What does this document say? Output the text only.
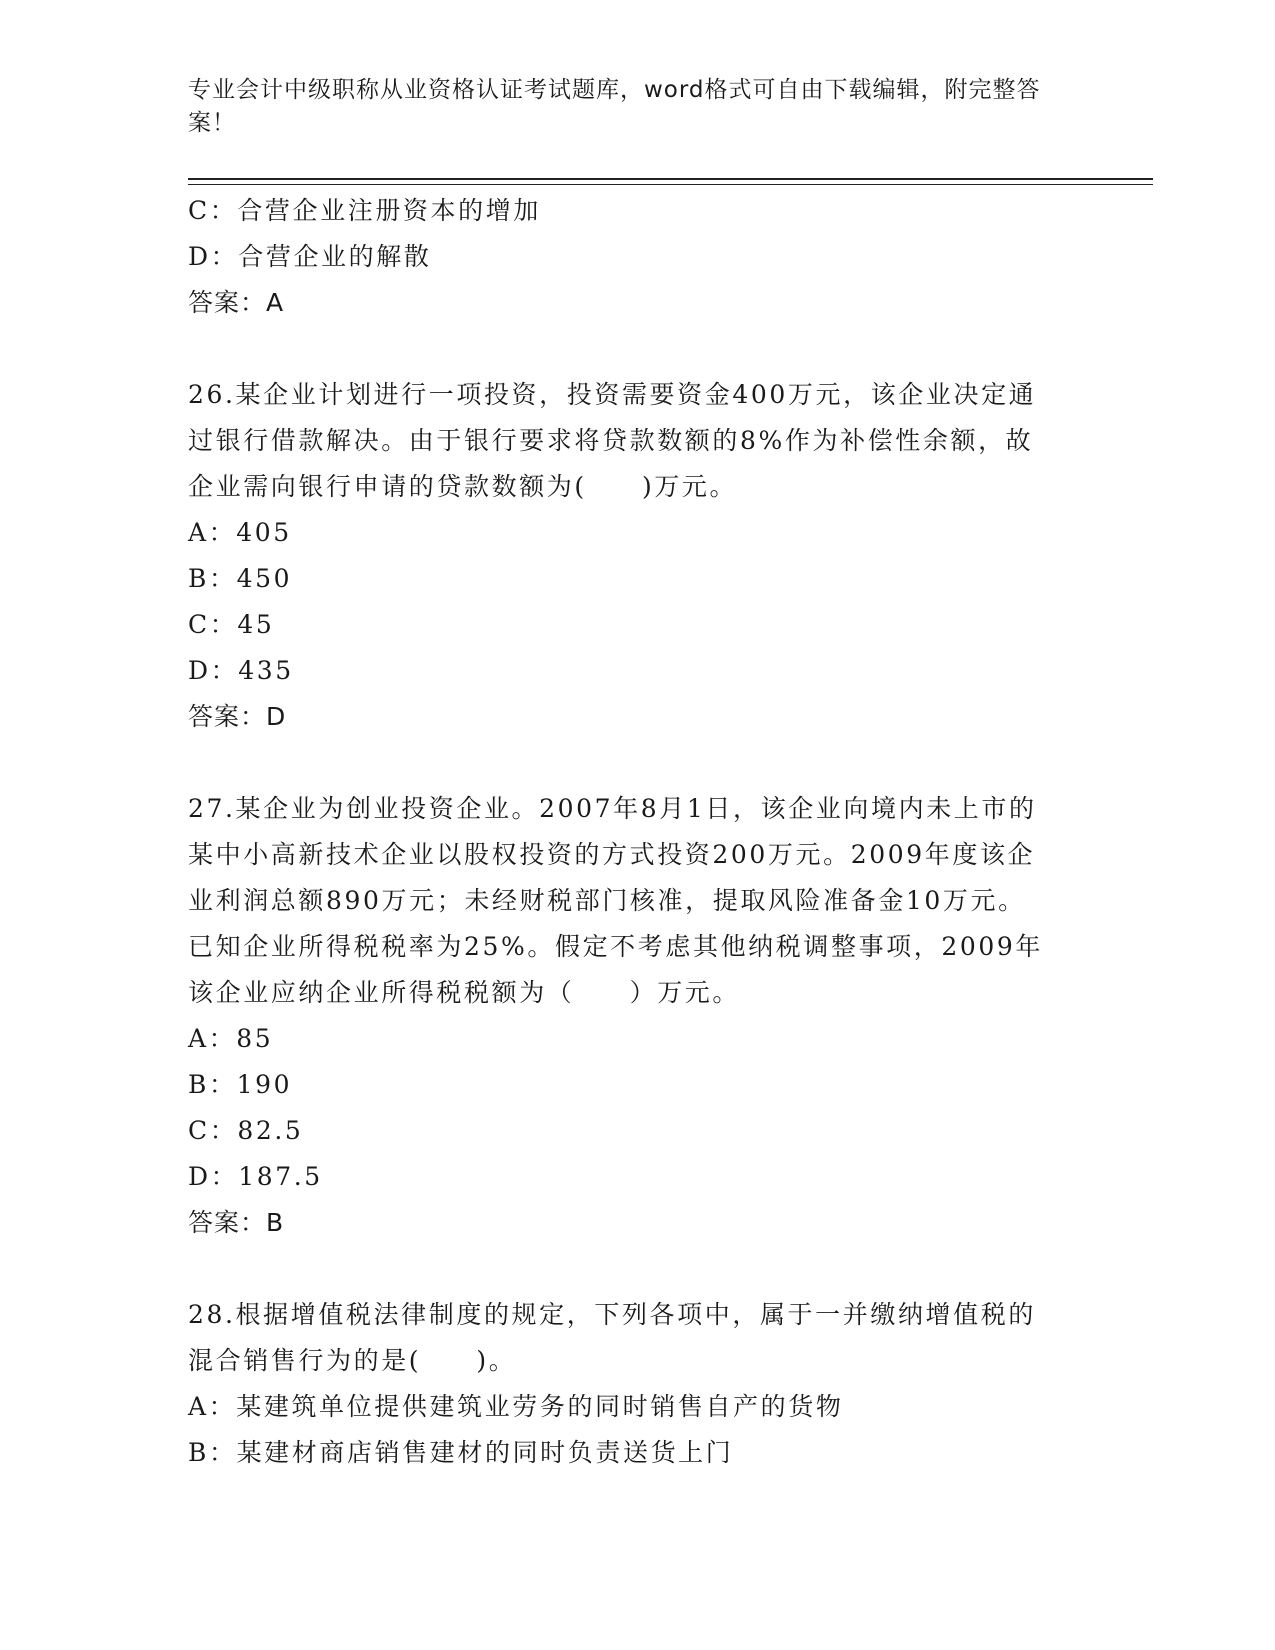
专业会计中级职称从业资格认证考试题库，word格式可自由下载编辑，附完整答
案！
C：合营企业注册资本的增加
D：合营企业的解散
答案：A
26.某企业计划进行一项投资，投资需要资金400万元，该企业决定通
过银行借款解决。由于银行要求将贷款数额的8%作为补偿性余额，故
企业需向银行申请的贷款数额为(　　)万元。
A：405
B：450
C：45
D：435
答案：D
27.某企业为创业投资企业。2007年8月1日，该企业向境内未上市的
某中小高新技术企业以股权投资的方式投资200万元。2009年度该企
业利润总额890万元；未经财税部门核准，提取风险准备金10万元。
已知企业所得税税率为25%。假定不考虑其他纳税调整事项，2009年
该企业应纳企业所得税税额为（　　）万元。
A：85
B：190
C：82.5
D：187.5
答案：B
28.根据增值税法律制度的规定，下列各项中，属于一并缴纳增值税的
混合销售行为的是(　　)。
A：某建筑单位提供建筑业劳务的同时销售自产的货物
B：某建材商店销售建材的同时负责送货上门
